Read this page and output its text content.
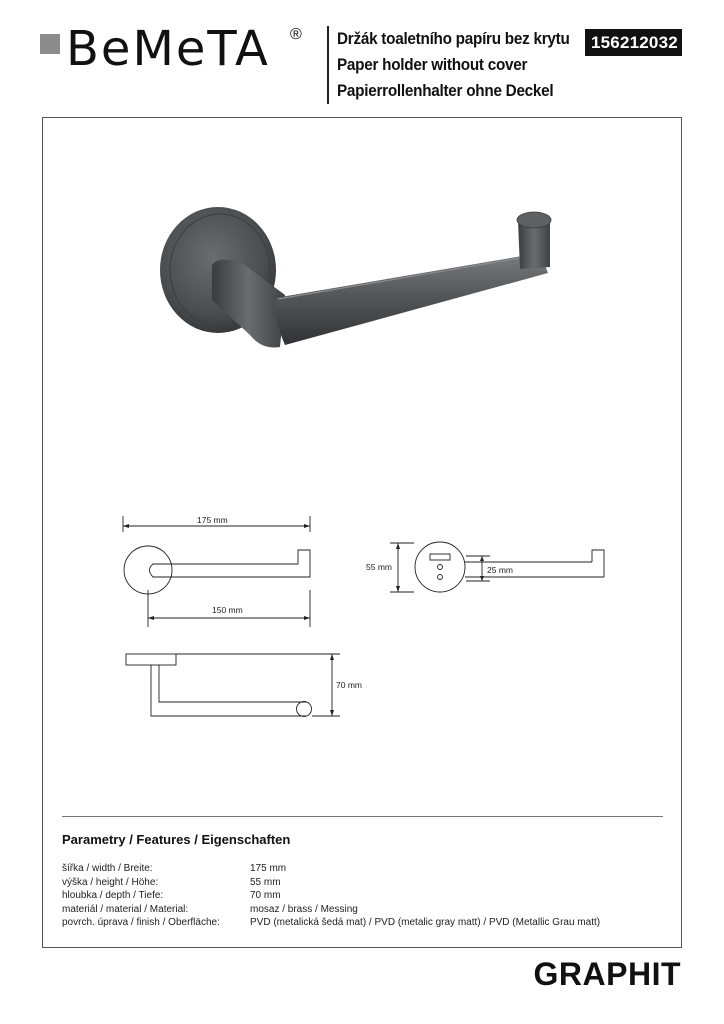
BeMeTA ® Držák toaletního papíru bez krytu
Paper holder without cover
Papierrollenhalter ohne Deckel
156212032
175 mm
150 mm
55 mm	25 mm
70 mm
Parametry / Features / Eigenschaften
šířka / width / Breite:	175 mm
výška / height / Höhe:	55 mm
hloubka / depth / Tiefe:	70 mm
materiál / material / Material:	mosaz / brass / Messing
povrch. úprava / finish / Oberfläche:	PVD (metalická šedá mat) / PVD (metalic gray matt) / PVD (Metallic Grau matt)
GRAPHIT
